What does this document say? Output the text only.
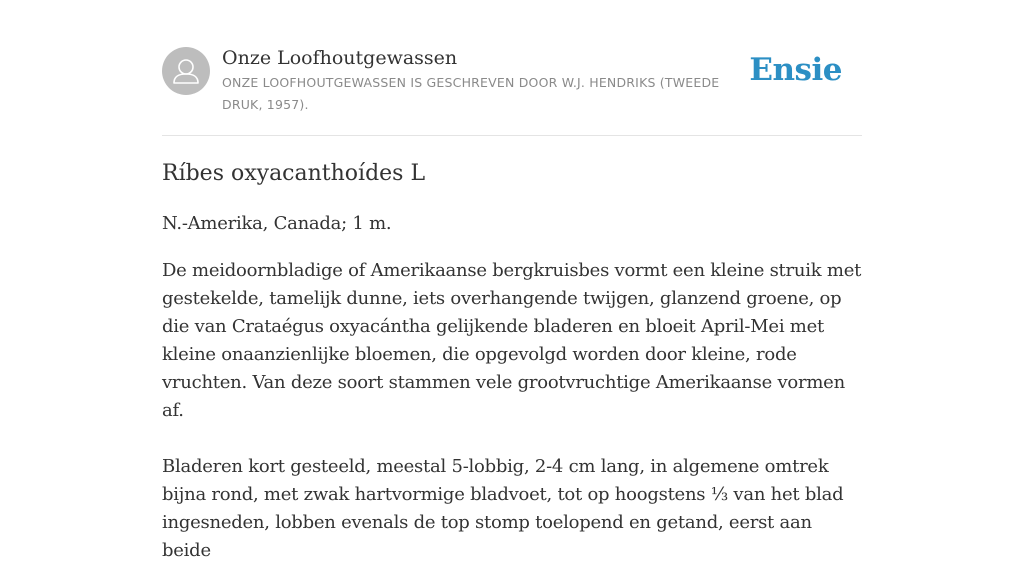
Onze Loofhoutgewassen
ONZE LOOFHOUTGEWASSEN IS GESCHREVEN DOOR W.J. HENDRIKS (TWEEDE DRUK, 1957).
Ensie
Ríbes oxyacanthoídes L

N.-Amerika, Canada; 1 m.

De meidoornbladige of Amerikaanse bergkruisbes vormt een kleine struik met gestekelde, tamelijk dunne, iets overhangende twijgen, glanzend groene, op die van Crataégus oxyacántha gelijkende bladeren en bloeit April-Mei met kleine onaanzienlijke bloemen, die opgevolgd worden door kleine, rode vruchten. Van deze soort stammen vele grootvruchtige Amerikaanse vormen af.

Bladeren kort gesteeld, meestal 5-lobbig, 2-4 cm lang, in algemene omtrek bijna rond, met zwak hartvormige bladvoet, tot op hoogstens ⅓ van het blad ingesneden, lobben evenals de top stomp toelopend en getand, eerst aan beide
